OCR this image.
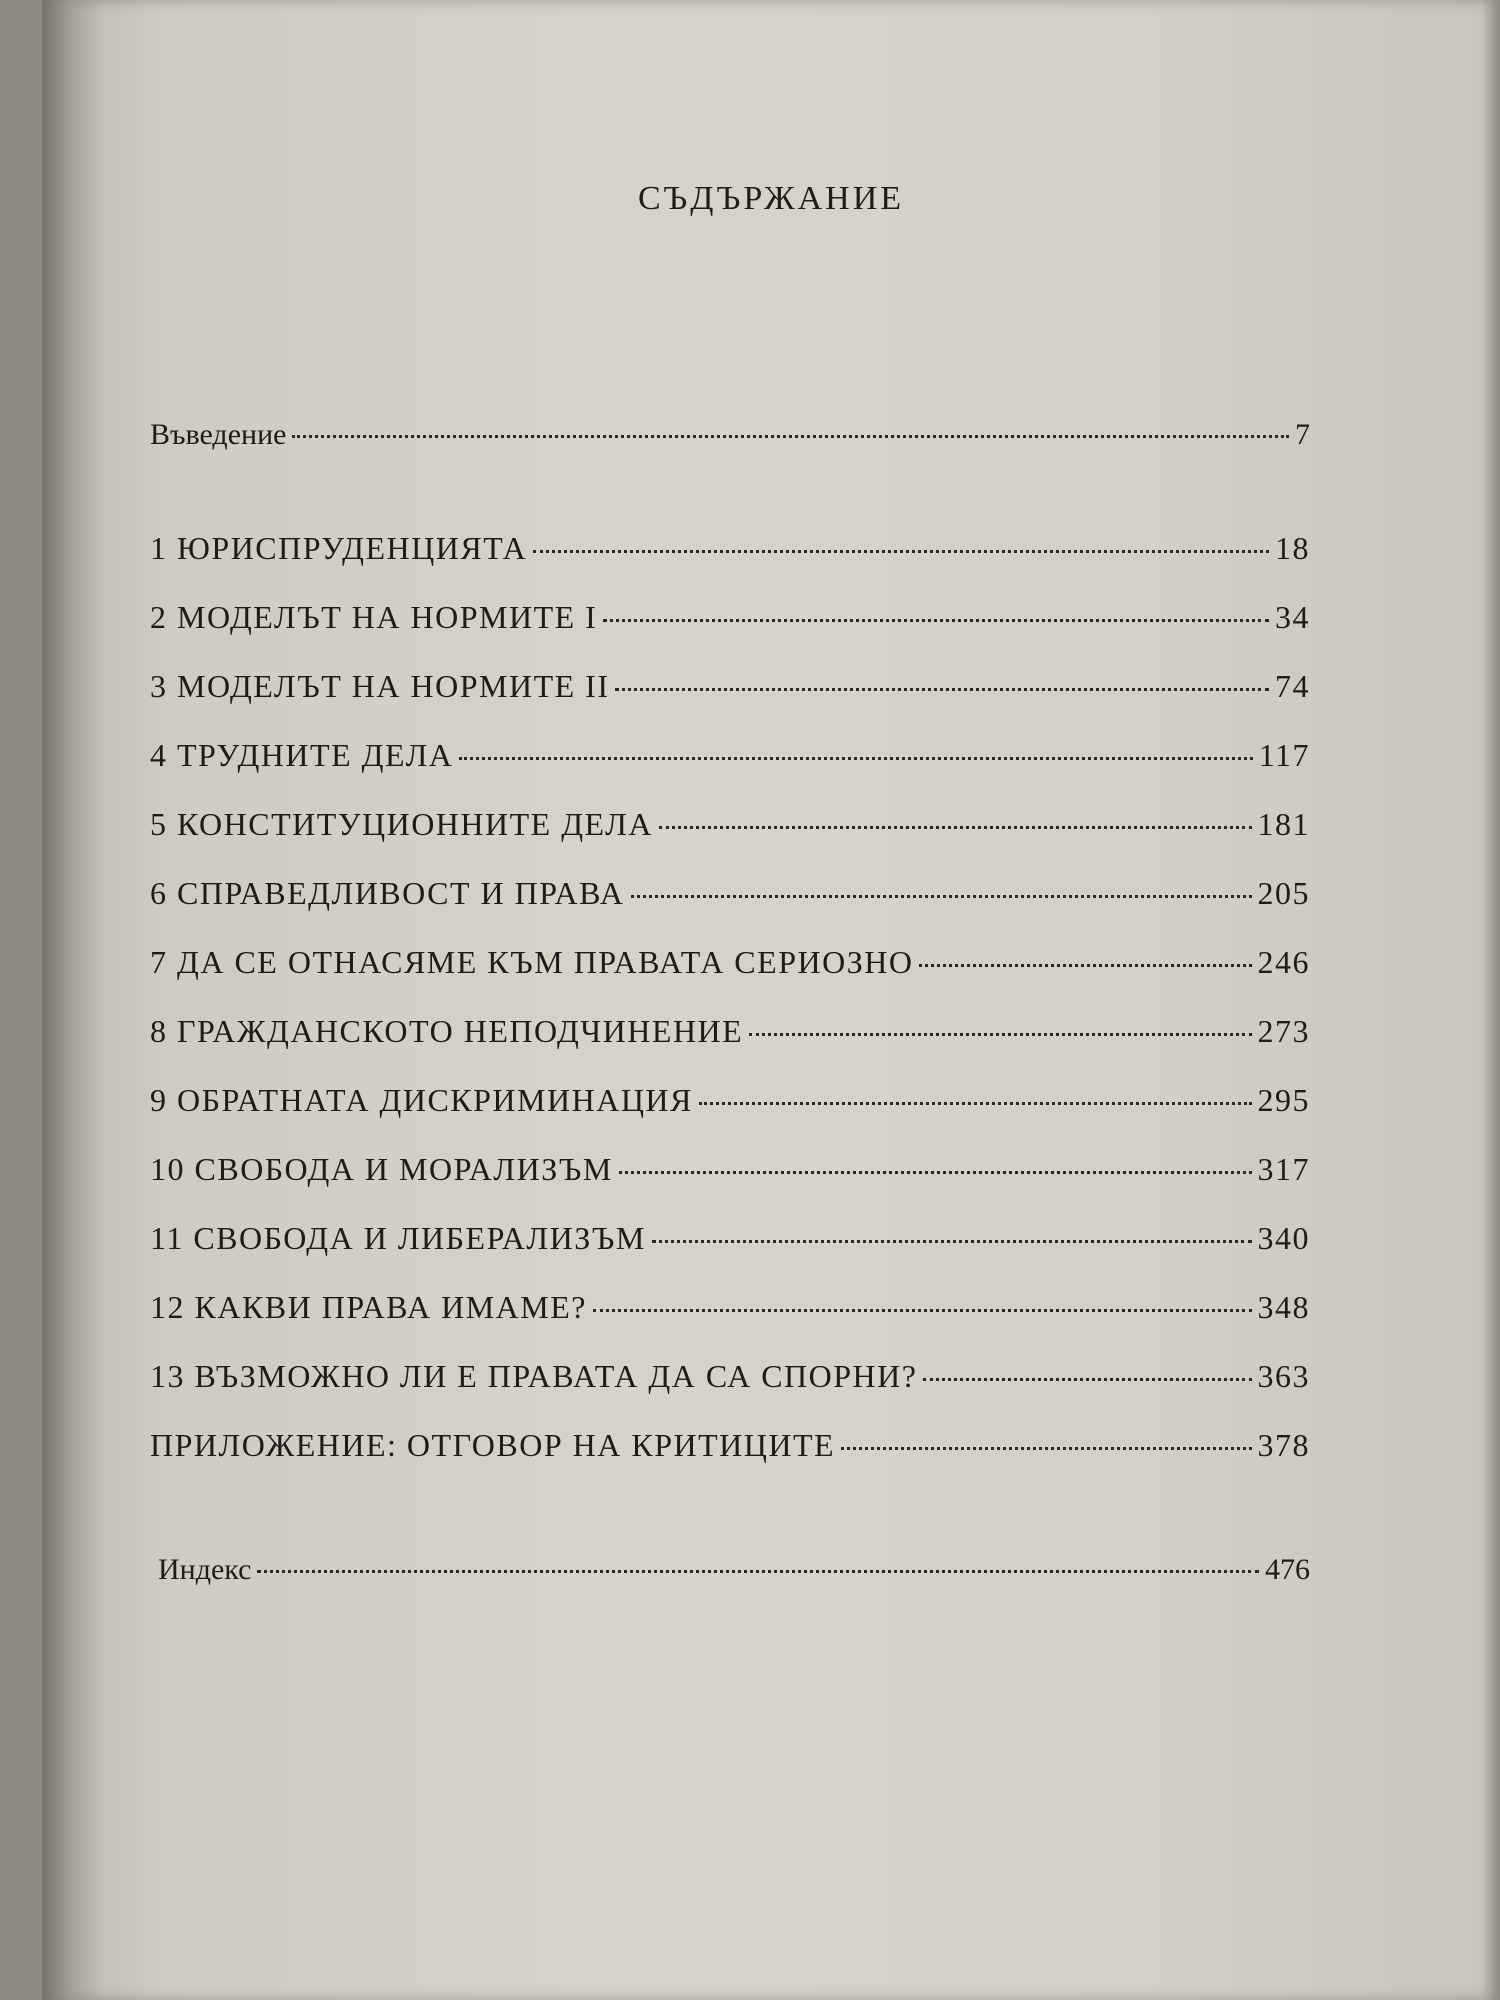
СЪДЪРЖАНИЕ
Въведение	7
1 ЮРИСПРУДЕНЦИЯТА	18
2 МОДЕЛЪТ НА НОРМИТЕ I	34
3 МОДЕЛЪТ НА НОРМИТЕ II	74
4 ТРУДНИТЕ ДЕЛА	117
5 КОНСТИТУЦИОННИТЕ ДЕЛА	181
6 СПРАВЕДЛИВОСТ И ПРАВА	205
7 ДА СЕ ОТНАСЯМЕ КЪМ ПРАВАТА СЕРИОЗНО	246
8 ГРАЖДАНСКОТО НЕПОДЧИНЕНИЕ	273
9 ОБРАТНАТА ДИСКРИМИНАЦИЯ	295
10 СВОБОДА И МОРАЛИЗЪМ	317
11 СВОБОДА И ЛИБЕРАЛИЗЪМ	340
12 КАКВИ ПРАВА ИМАМЕ?	348
13 ВЪЗМОЖНО ЛИ Е ПРАВАТА ДА СА СПОРНИ?	363
ПРИЛОЖЕНИЕ: ОТГОВОР НА КРИТИЦИТЕ	378
Индекс	476
